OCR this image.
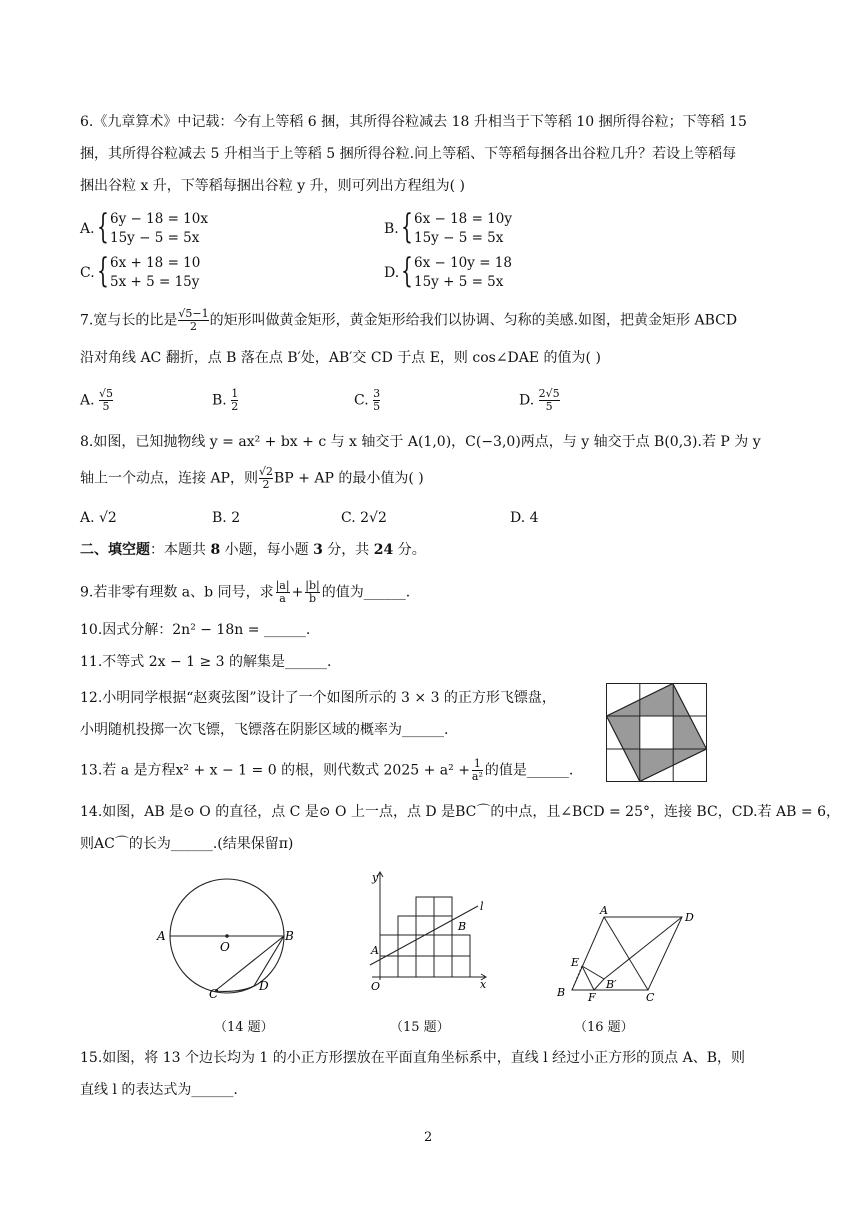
6.《九章算术》中记载：今有上等稻 6 捆，其所得谷粒减去 18 升相当于下等稻 10 捆所得谷粒；下等稻 15
捆，其所得谷粒减去 5 升相当于上等稻 5 捆所得谷粒.问上等稻、下等稻每捆各出谷粒几升？若设上等稻每
捆出谷粒 x 升，下等稻每捆出谷粒 y 升，则可列出方程组为( )
A. { 6y − 18 = 10x
15y − 5 = 5x
B. { 6x − 18 = 10y
15y − 5 = 5x
C. { 6x + 18 = 10
5x + 5 = 15y
D. { 6x − 10y = 18
15y + 5 = 5x
7.宽与长的比是 $\frac{√5-1}{2}$ 的矩形叫做黄金矩形，黄金矩形给我们以协调、匀称的美感.如图，把黄金矩形 ABCD
沿对角线 AC 翻折，点 B 落在点 B′处，AB′交 CD 于点 E，则 cos∠DAE 的值为( )
A. $\frac{√5}{5}$	B. $\frac{1}{2}$	C. $\frac{3}{5}$	D. $\frac{2√5}{5}$
8.如图，已知抛物线 y = ax² + bx + c 与 x 轴交于 A(1,0)，C(−3,0)两点，与 y 轴交于点 B(0,3).若 P 为 y
轴上一个动点，连接 AP，则 $\frac{√2}{2}$ BP + AP 的最小值为( )
A. √2	B. 2	C. 2√2	D. 4
二、填空题：本题共 8 小题，每小题 3 分，共 24 分。
9.若非零有理数 a、b 同号，求 $\frac{|a|}{a} + \frac{|b|}{b}$ 的值为______.
10.因式分解：2n² − 18n = ______.
11.不等式 2x − 1 ≥ 3 的解集是______.
12.小明同学根据“赵爽弦图”设计了一个如图所示的 3 × 3 的正方形飞镖盘，
小明随机投掷一次飞镖，飞镖落在阴影区域的概率为______.
13.若 a 是方程x² + x − 1 = 0 的根，则代数式 $2025 + a^2 + \frac{1}{\text{a²}}$ 的值是______.
14.如图，AB 是⊙ O 的直径，点 C 是⊙ O 上一点，点 D 是BC⌒的中点，且∠BCD = 25°，连接 BC，CD.若 AB = 6，
则AC⌒的长为______.(结果保留π)
A
O
B
C
D
y
x
O
A
B
l	A
D
E
B
B′
F	C
（14 题）	（15 题）	（16 题）
15.如图，将 13 个边长均为 1 的小正方形摆放在平面直角坐标系中，直线 l 经过小正方形的顶点 A、B，则
直线 l 的表达式为______.
2
